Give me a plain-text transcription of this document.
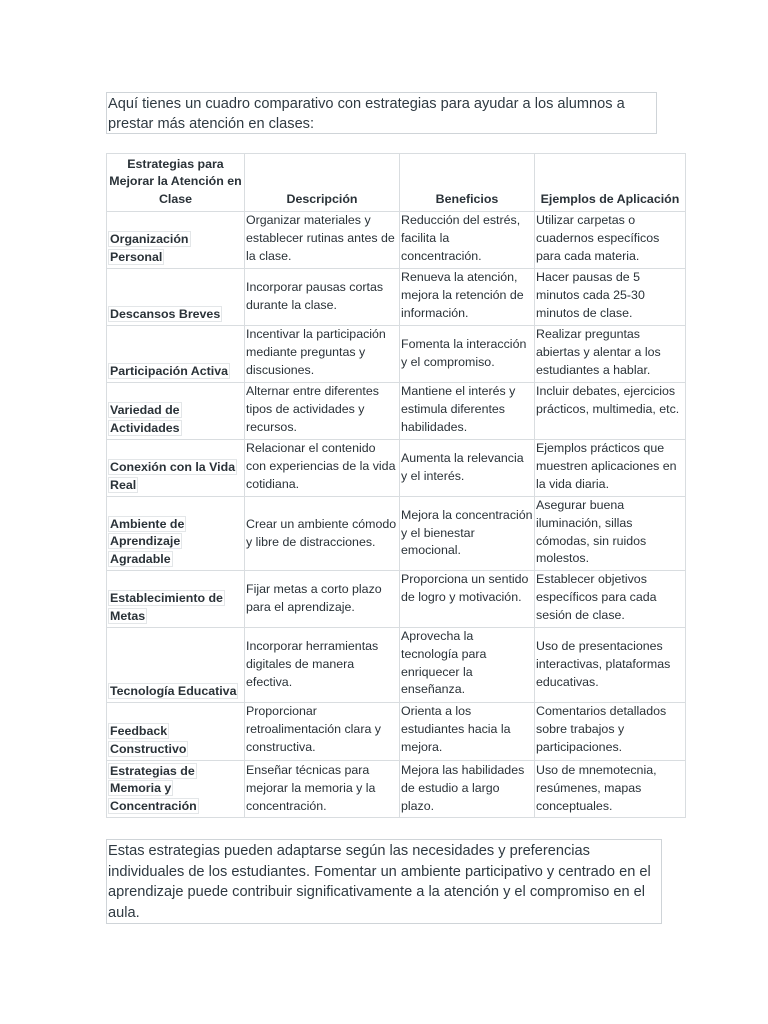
Aquí tienes un cuadro comparativo con estrategias para ayudar a los alumnos a prestar más atención en clases:
Estrategias para Mejorar la Atención en Clase	Descripción	Beneficios	Ejemplos de Aplicación
Organización Personal	Organizar materiales y establecer rutinas antes de la clase.	Reducción del estrés, facilita la concentración.	Utilizar carpetas o cuadernos específicos para cada materia.
Descansos Breves	Incorporar pausas cortas durante la clase.	Renueva la atención, mejora la retención de información.	Hacer pausas de 5 minutos cada 25-30 minutos de clase.
Participación Activa	Incentivar la participación mediante preguntas y discusiones.	Fomenta la interacción y el compromiso.	Realizar preguntas abiertas y alentar a los estudiantes a hablar.
Variedad de Actividades	Alternar entre diferentes tipos de actividades y recursos.	Mantiene el interés y estimula diferentes habilidades.	Incluir debates, ejercicios prácticos, multimedia, etc.
Conexión con la Vida Real	Relacionar el contenido con experiencias de la vida cotidiana.	Aumenta la relevancia y el interés.	Ejemplos prácticos que muestren aplicaciones en la vida diaria.
Ambiente de Aprendizaje Agradable	Crear un ambiente cómodo y libre de distracciones.	Mejora la concentración y el bienestar emocional.	Asegurar buena iluminación, sillas cómodas, sin ruidos molestos.
Establecimiento de Metas	Fijar metas a corto plazo para el aprendizaje.	Proporciona un sentido de logro y motivación.	Establecer objetivos específicos para cada sesión de clase.
Tecnología Educativa	Incorporar herramientas digitales de manera efectiva.	Aprovecha la tecnología para enriquecer la enseñanza.	Uso de presentaciones interactivas, plataformas educativas.
Feedback Constructivo	Proporcionar retroalimentación clara y constructiva.	Orienta a los estudiantes hacia la mejora.	Comentarios detallados sobre trabajos y participaciones.
Estrategias de Memoria y Concentración	Enseñar técnicas para mejorar la memoria y la concentración.	Mejora las habilidades de estudio a largo plazo.	Uso de mnemotecnia, resúmenes, mapas conceptuales.
Estas estrategias pueden adaptarse según las necesidades y preferencias individuales de los estudiantes. Fomentar un ambiente participativo y centrado en el aprendizaje puede contribuir significativamente a la atención y el compromiso en el aula.
